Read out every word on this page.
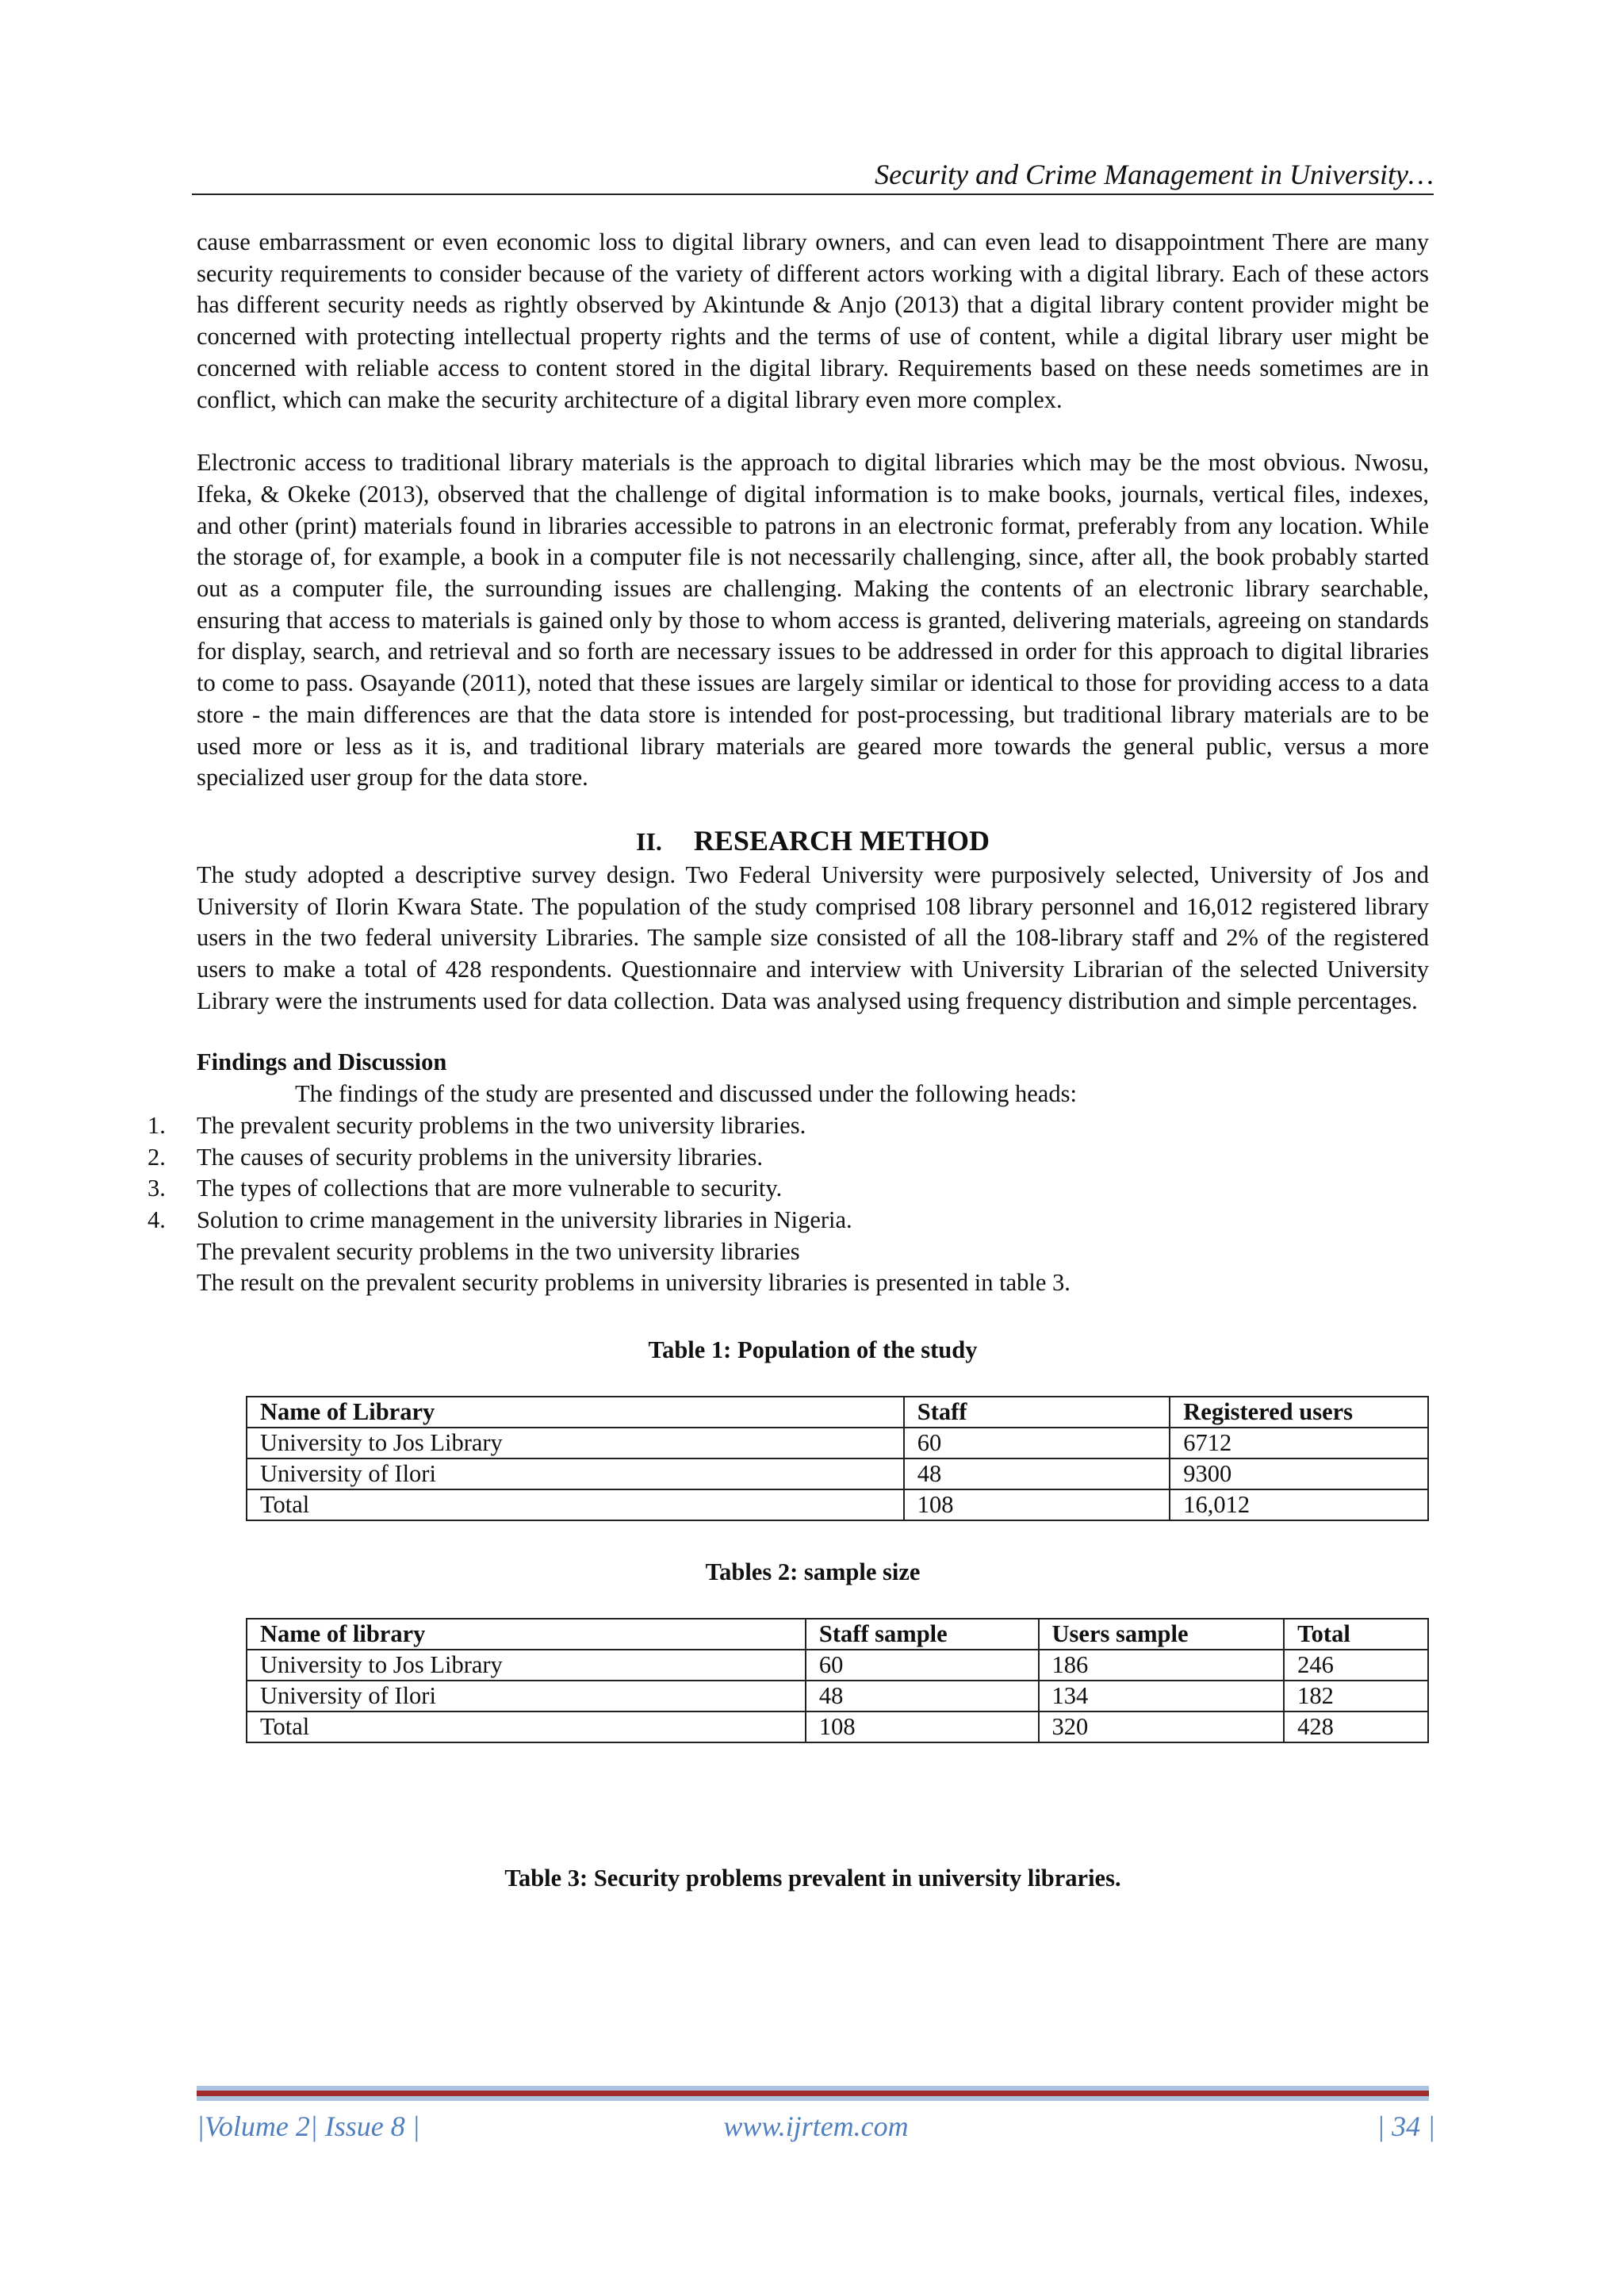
Security and Crime Management in University…

cause embarrassment or even economic loss to digital library owners, and can even lead to disappointment There are many security requirements to consider because of the variety of different actors working with a digital library. Each of these actors has different security needs as rightly observed by Akintunde & Anjo (2013) that a digital library content provider might be concerned with protecting intellectual property rights and the terms of use of content, while a digital library user might be concerned with reliable access to content stored in the digital library. Requirements based on these needs sometimes are in conflict, which can make the security architecture of a digital library even more complex.

Electronic access to traditional library materials is the approach to digital libraries which may be the most obvious. Nwosu, Ifeka, & Okeke (2013), observed that the challenge of digital information is to make books, journals, vertical files, indexes, and other (print) materials found in libraries accessible to patrons in an electronic format, preferably from any location. While the storage of, for example, a book in a computer file is not necessarily challenging, since, after all, the book probably started out as a computer file, the surrounding issues are challenging. Making the contents of an electronic library searchable, ensuring that access to materials is gained only by those to whom access is granted, delivering materials, agreeing on standards for display, search, and retrieval and so forth are necessary issues to be addressed in order for this approach to digital libraries to come to pass. Osayande (2011), noted that these issues are largely similar or identical to those for providing access to a data store - the main differences are that the data store is intended for post-processing, but traditional library materials are to be used more or less as it is, and traditional library materials are geared more towards the general public, versus a more specialized user group for the data store.

II. RESEARCH METHOD

The study adopted a descriptive survey design. Two Federal University were purposively selected, University of Jos and University of Ilorin Kwara State. The population of the study comprised 108 library personnel and 16,012 registered library users in the two federal university Libraries. The sample size consisted of all the 108-library staff and 2% of the registered users to make a total of 428 respondents. Questionnaire and interview with University Librarian of the selected University Library were the instruments used for data collection. Data was analysed using frequency distribution and simple percentages.

Findings and Discussion

The findings of the study are presented and discussed under the following heads:

1. The prevalent security problems in the two university libraries.
2. The causes of security problems in the university libraries.
3. The types of collections that are more vulnerable to security.
4. Solution to crime management in the university libraries in Nigeria.

The prevalent security problems in the two university libraries

The result on the prevalent security problems in university libraries is presented in table 3.

Table 1: Population of the study
Name of Library	Staff	Registered users
University to Jos Library	60	6712
University of Ilori	48	9300
Total	108	16,012
Tables 2: sample size
Name of library	Staff sample	Users sample	Total
University to Jos Library	60	186	246
University of Ilori	48	134	182
Total	108	320	428
Table 3: Security problems prevalent in university libraries.
|Volume 2| Issue 8 |	www.ijrtem.com	| 34 |
